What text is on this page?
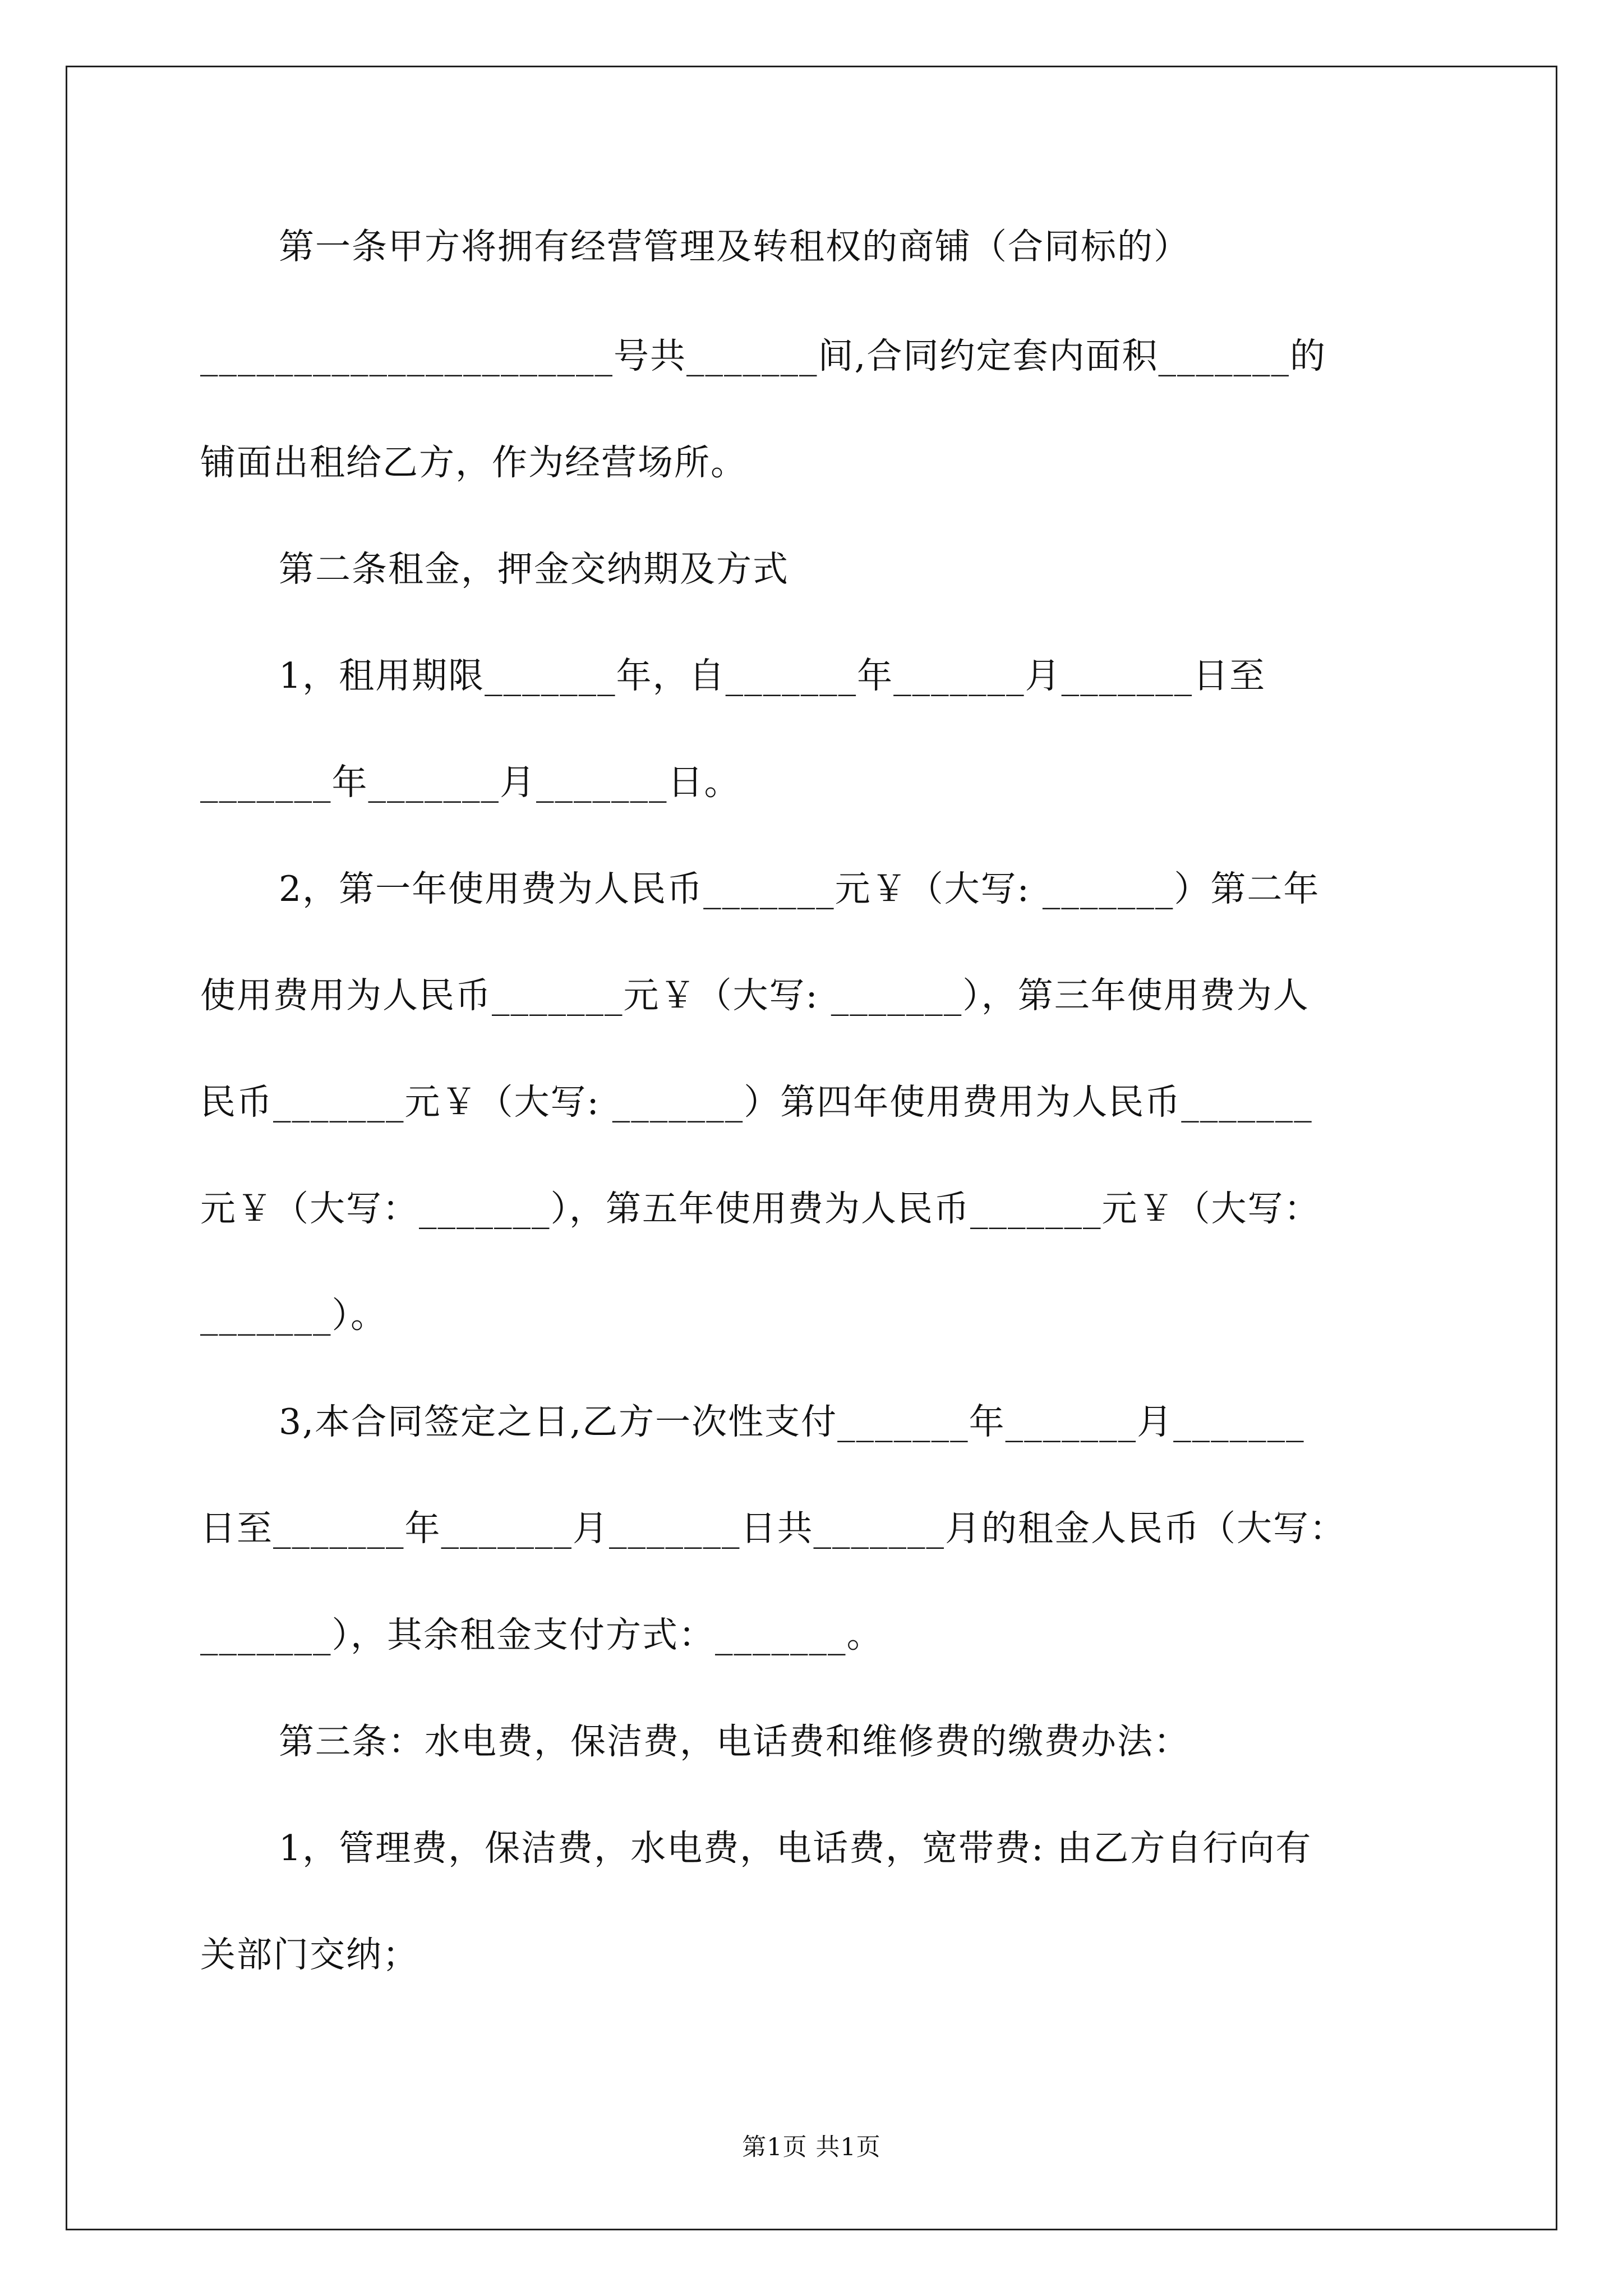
第一条甲方将拥有经营管理及转租权的商铺（合同标的）
______________________号共_______间,合同约定套内面积_______的
铺面出租给乙方，作为经营场所。
第二条租金，押金交纳期及方式
1，租用期限_______年，自_______年_______月_______日至
_______年_______月_______日。
2，第一年使用费为人民币_______元￥（大写: _______）第二年
使用费用为人民币_______元￥（大写: _______），第三年使用费为人
民币_______元￥（大写: _______）第四年使用费用为人民币_______
元￥（大写：_______），第五年使用费为人民币_______元￥（大写：
_______）。
3,本合同签定之日,乙方一次性支付_______年_______月_______
日至_______年_______月_______日共_______月的租金人民币（大写：
_______），其余租金支付方式：_______。
第三条：水电费，保洁费，电话费和维修费的缴费办法：
1，管理费，保洁费，水电费，电话费，宽带费: 由乙方自行向有
关部门交纳；
第1页 共1页
